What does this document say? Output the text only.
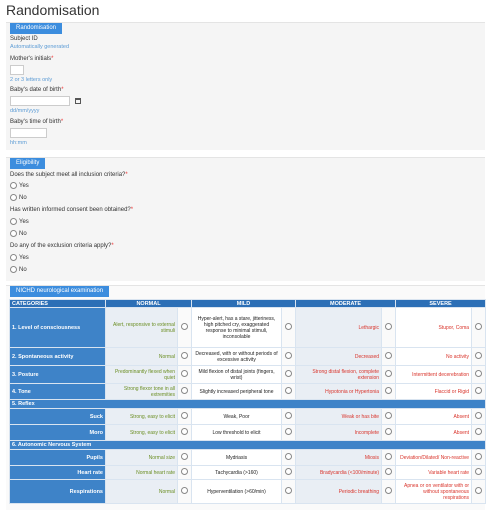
Randomisation
Randomisation
Subject ID
Automatically generated
Mother's initials*
2 or 3 letters only
Baby's date of birth*
dd/mm/yyyy
Baby's time of birth*
hh:mm
Eligibility
Does the subject meet all inclusion criteria?*
Yes
No
Has written informed consent been obtained?*
Yes
No
Do any of the exclusion criteria apply?*
Yes
No
NICHD neurological examination
CATEGORIES	NORMAL		MILD		MODERATE		SEVERE	
1. Level of consciousness	Alert, responsive to external stimuli		Hyper-alert, has a stare, jitteriness, high pitched cry, exaggerated response to minimal stimuli, inconsolable		Lethargic		Stupor, Coma	
2. Spontaneous activity	Normal		Decreased, with or without periods of excessive activity		Decreased		No activity	
3. Posture	Predominantly flexed when quiet		Mild flexion of distal joints (fingers, wrist)		Strong distal flexion, complete extension		Intermittent decerebration	
4. Tone	Strong flexor tone in all extremities		Slightly increased peripheral tone		Hypotonia or Hypertonia		Flaccid or Rigid	
5. Reflex								
Suck	Strong, easy to elicit		Weak, Poor		Weak or has bite		Absent	
Moro	Strong, easy to elicit		Low threshold to elicit		Incomplete		Absent	
6. Autonomic Nervous System								
Pupils	Normal size		Mydriasis		Miosis		Deviation/Dilated/ Non-reactive	
Heart rate	Normal heart rate		Tachycardia (>160)		Bradycardia (<100/minute)		Variable heart rate	
Respirations	Normal		Hyperventilation (>60/min)		Periodic breathing		Apnea or on ventilator with or without spontaneous respirations	
